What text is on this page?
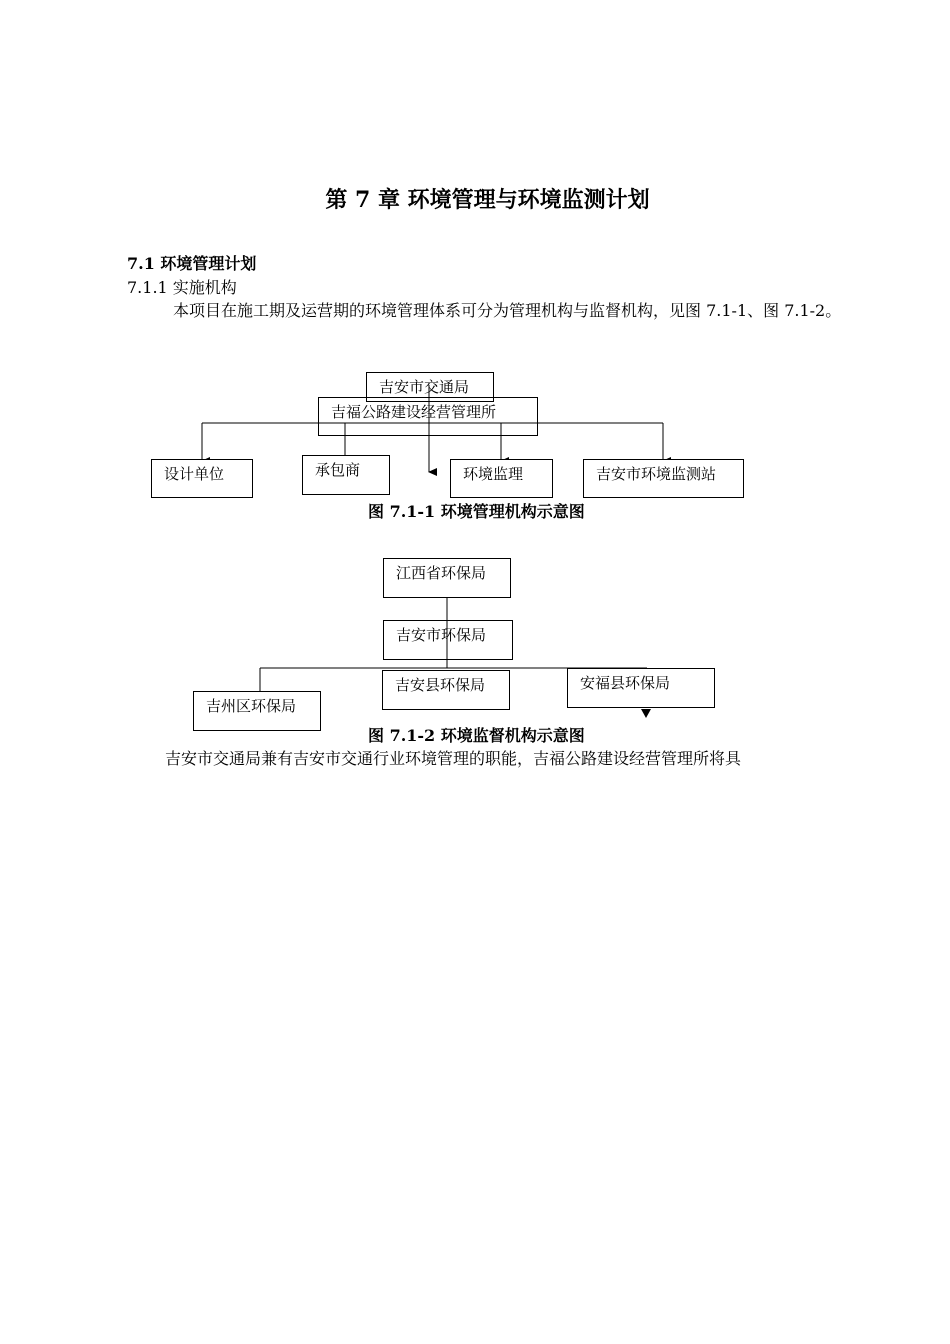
第 7 章 环境管理与环境监测计划
7.1 环境管理计划
7.1.1 实施机构
本项目在施工期及运营期的环境管理体系可分为管理机构与监督机构，见图 7.1-1、图 7.1-2。
吉安市交通局
吉福公路建设经营管理所
设计单位	承包商	环境监理	吉安市环境监测站
图 7.1-1 环境管理机构示意图
江西省环保局
吉安市环保局
吉安县环保局	安福县环保局
吉州区环保局
图 7.1-2 环境监督机构示意图
吉安市交通局兼有吉安市交通行业环境管理的职能，吉福公路建设经营管理所将具
